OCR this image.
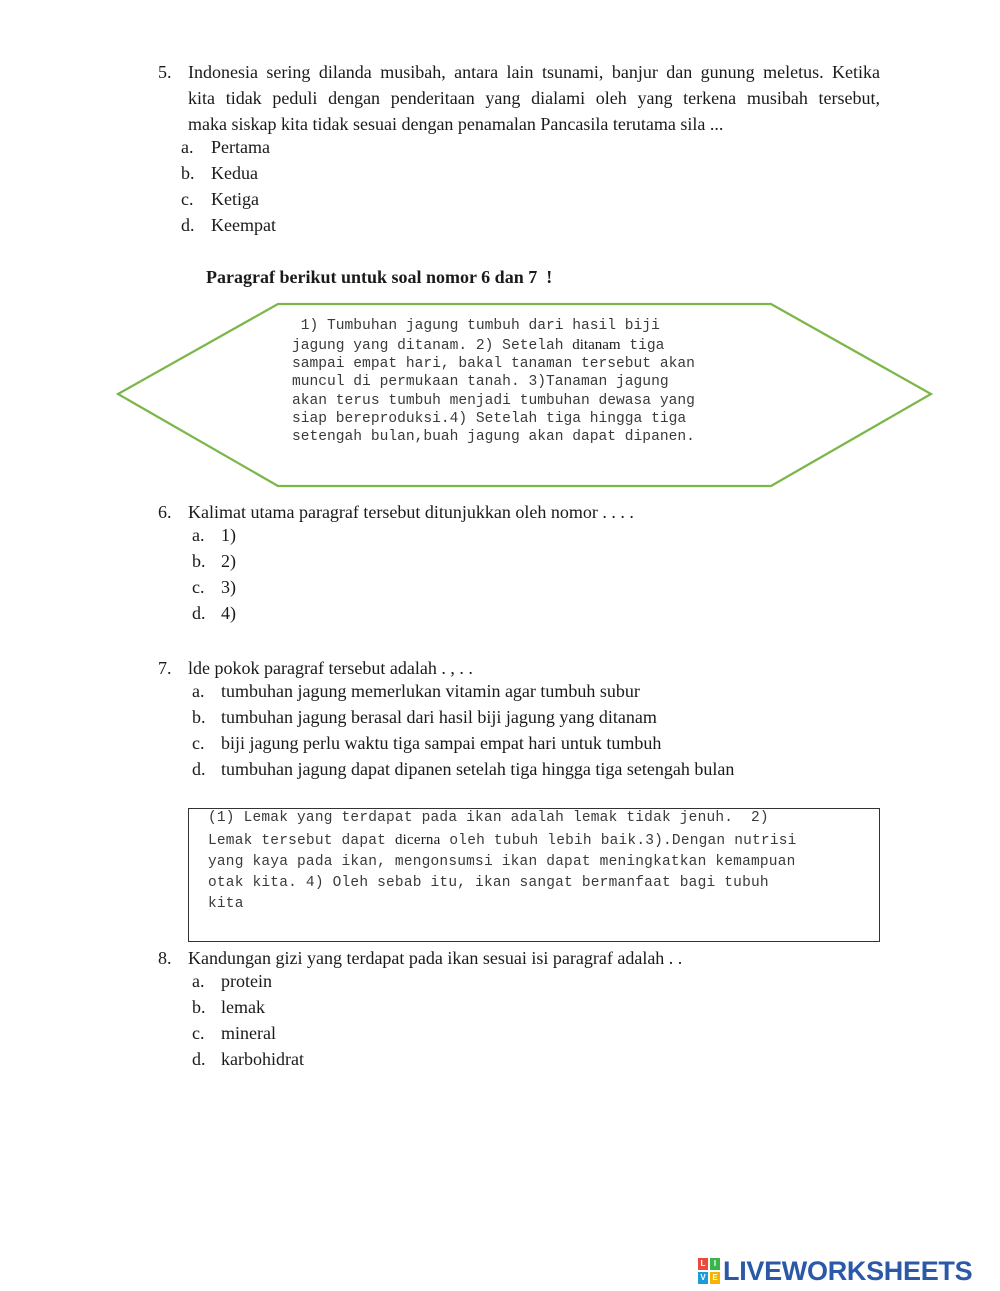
5. Indonesia sering dilanda musibah, antara lain tsunami, banjur dan gunung meletus. Ketika
kita tidak peduli dengan penderitaan yang dialami oleh yang terkena musibah tersebut,
maka siskap kita tidak sesuai dengan penamalan Pancasila terutama sila ...
a. Pertama
b. Kedua
c. Ketiga
d. Keempat
Paragraf berikut untuk soal nomor 6 dan 7  !
1) Tumbuhan jagung tumbuh dari hasil biji
jagung yang ditanam. 2) Setelah ditanam tiga
sampai empat hari, bakal tanaman tersebut akan
muncul di permukaan tanah. 3)Tanaman jagung
akan terus tumbuh menjadi tumbuhan dewasa yang
siap bereproduksi.4) Setelah tiga hingga tiga
setengah bulan,buah jagung akan dapat dipanen.
6. Kalimat utama paragraf tersebut ditunjukkan oleh nomor . . . .
a. 1)
b. 2)
c. 3)
d. 4)
7. lde pokok paragraf tersebut adalah . , . .
a. tumbuhan jagung memerlukan vitamin agar tumbuh subur
b. tumbuhan jagung berasal dari hasil biji jagung yang ditanam
c. biji jagung perlu waktu tiga sampai empat hari untuk tumbuh
d. tumbuhan jagung dapat dipanen setelah tiga hingga tiga setengah bulan
(1) Lemak yang terdapat pada ikan adalah lemak tidak jenuh.  2)
Lemak tersebut dapat dicerna oleh tubuh lebih baik.3).Dengan nutrisi
yang kaya pada ikan, mengonsumsi ikan dapat meningkatkan kemampuan
otak kita. 4) Oleh sebab itu, ikan sangat bermanfaat bagi tubuh
kita
8. Kandungan gizi yang terdapat pada ikan sesuai isi paragraf adalah . .
a. protein
b. lemak
c. mineral
d. karbohidrat
L	I
V E LIVEWORKSHEETS
